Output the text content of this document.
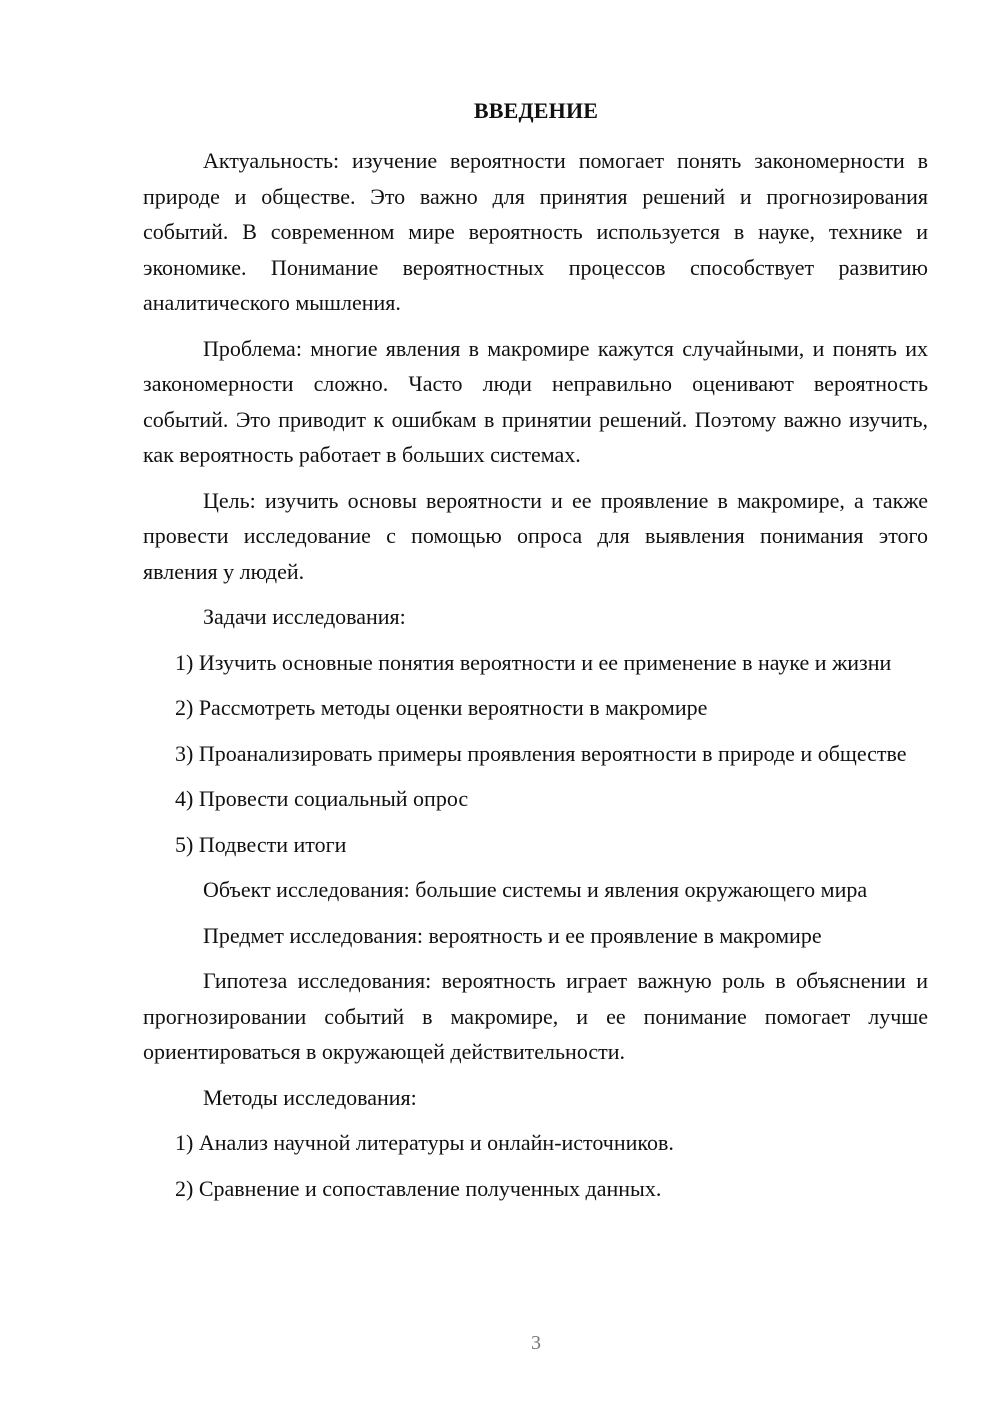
ВВЕДЕНИЕ

Актуальность: изучение вероятности помогает понять закономерности в природе и обществе. Это важно для принятия решений и прогнозирования событий. В современном мире вероятность используется в науке, технике и экономике. Понимание вероятностных процессов способствует развитию аналитического мышления.

Проблема: многие явления в макромире кажутся случайными, и понять их закономерности сложно. Часто люди неправильно оценивают вероятность событий. Это приводит к ошибкам в принятии решений. Поэтому важно изучить, как вероятность работает в больших системах.

Цель: изучить основы вероятности и ее проявление в макромире, а также провести исследование с помощью опроса для выявления понимания этого явления у людей.

Задачи исследования:

1) Изучить основные понятия вероятности и ее применение в науке и жизни

2) Рассмотреть методы оценки вероятности в макромире

3) Проанализировать примеры проявления вероятности в природе и обществе

4) Провести социальный опрос

5) Подвести итоги

Объект исследования: большие системы и явления окружающего мира

Предмет исследования: вероятность и ее проявление в макромире

Гипотеза исследования: вероятность играет важную роль в объяснении и прогнозировании событий в макромире, и ее понимание помогает лучше ориентироваться в окружающей действительности.

Методы исследования:

1) Анализ научной литературы и онлайн-источников.

2) Сравнение и сопоставление полученных данных.

3
